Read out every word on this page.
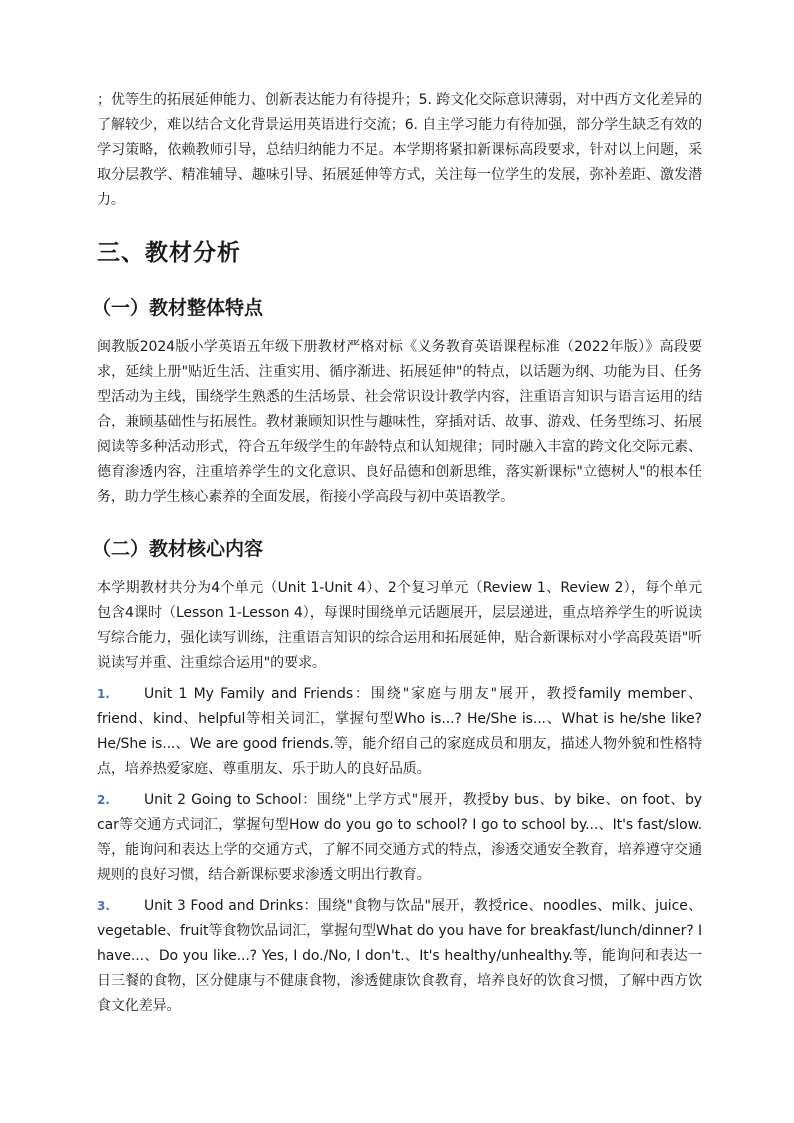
；优等生的拓展延伸能力、创新表达能力有待提升；5. 跨文化交际意识薄弱，对中西方文化差异的了解较少，难以结合文化背景运用英语进行交流；6. 自主学习能力有待加强，部分学生缺乏有效的学习策略，依赖教师引导，总结归纳能力不足。本学期将紧扣新课标高段要求，针对以上问题，采取分层教学、精准辅导、趣味引导、拓展延伸等方式，关注每一位学生的发展，弥补差距、激发潜力。

三、教材分析
（一）教材整体特点

闽教版2024版小学英语五年级下册教材严格对标《义务教育英语课程标准（2022年版）》高段要求，延续上册"贴近生活、注重实用、循序渐进、拓展延伸"的特点，以话题为纲、功能为目、任务型活动为主线，围绕学生熟悉的生活场景、社会常识设计教学内容，注重语言知识与语言运用的结合，兼顾基础性与拓展性。教材兼顾知识性与趣味性，穿插对话、故事、游戏、任务型练习、拓展阅读等多种活动形式，符合五年级学生的年龄特点和认知规律；同时融入丰富的跨文化交际元素、德育渗透内容，注重培养学生的文化意识、良好品德和创新思维，落实新课标"立德树人"的根本任务，助力学生核心素养的全面发展，衔接小学高段与初中英语教学。

（二）教材核心内容

本学期教材共分为4个单元（Unit 1-Unit 4）、2个复习单元（Review 1、Review 2），每个单元包含4课时（Lesson 1-Lesson 4），每课时围绕单元话题展开，层层递进，重点培养学生的听说读写综合能力，强化读写训练，注重语言知识的综合运用和拓展延伸，贴合新课标对小学高段英语"听说读写并重、注重综合运用"的要求。

1. Unit 1 My Family and Friends：围绕"家庭与朋友"展开，教授family member、friend、kind、helpful等相关词汇，掌握句型Who is...? He/She is...、What is he/she like? He/She is...、We are good friends.等，能介绍自己的家庭成员和朋友，描述人物外貌和性格特点，培养热爱家庭、尊重朋友、乐于助人的良好品质。

2. Unit 2 Going to School：围绕"上学方式"展开，教授by bus、by bike、on foot、by car等交通方式词汇，掌握句型How do you go to school? I go to school by...、It's fast/slow.等，能询问和表达上学的交通方式，了解不同交通方式的特点，渗透交通安全教育，培养遵守交通规则的良好习惯，结合新课标要求渗透文明出行教育。

3. Unit 3 Food and Drinks：围绕"食物与饮品"展开，教授rice、noodles、milk、juice、vegetable、fruit等食物饮品词汇，掌握句型What do you have for breakfast/lunch/dinner? I have...、Do you like...? Yes, I do./No, I don't.、It's healthy/unhealthy.等，能询问和表达一日三餐的食物，区分健康与不健康食物，渗透健康饮食教育，培养良好的饮食习惯，了解中西方饮食文化差异。
